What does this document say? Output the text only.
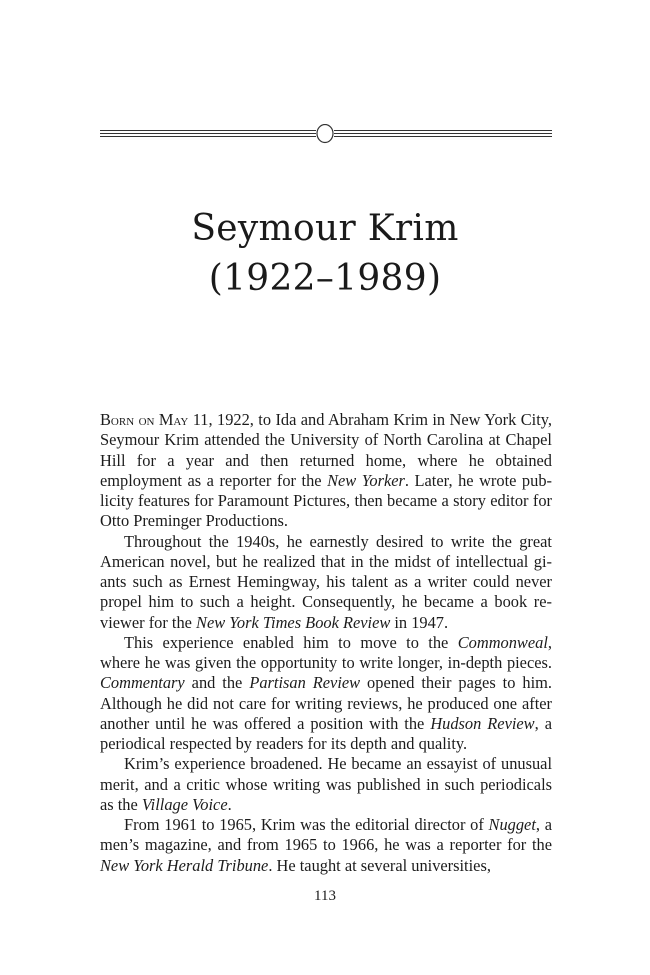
Seymour Krim
(1922–1989)

Born on May 11, 1922, to Ida and Abraham Krim in New York City, Seymour Krim attended the University of North Carolina at Chapel Hill for a year and then returned home, where he obtained employment as a reporter for the New Yorker. Later, he wrote publicity features for Paramount Pictures, then became a story editor for Otto Preminger Productions.

Throughout the 1940s, he earnestly desired to write the great American novel, but he realized that in the midst of intellectual giants such as Ernest Hemingway, his talent as a writer could never propel him to such a height. Consequently, he became a book reviewer for the New York Times Book Review in 1947.

This experience enabled him to move to the Commonweal, where he was given the opportunity to write longer, in-depth pieces. Commentary and the Partisan Review opened their pages to him. Although he did not care for writing reviews, he produced one after another until he was offered a position with the Hudson Review, a periodical respected by readers for its depth and quality.

Krim’s experience broadened. He became an essayist of unusual merit, and a critic whose writing was published in such periodicals as the Village Voice.

From 1961 to 1965, Krim was the editorial director of Nugget, a men’s magazine, and from 1965 to 1966, he was a reporter for the New York Herald Tribune. He taught at several universities,

113
